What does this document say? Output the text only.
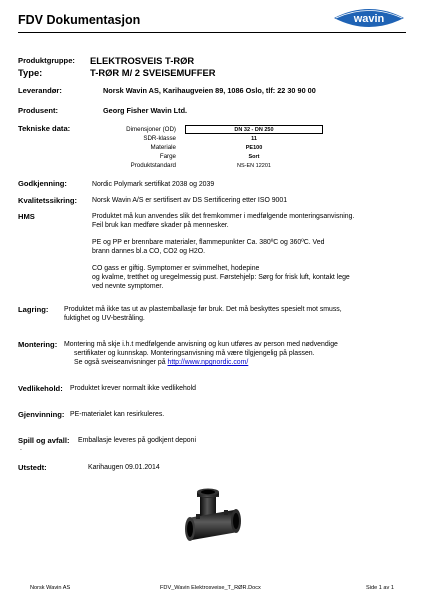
FDV Dokumentasjon	wavin
Produktgruppe: ELEKTROSVEIS T-RØR
Type:	T-RØR M/ 2 SVEISEMUFFER
Leverandør:	Norsk Wavin AS, Karihaugveien 89, 1086 Oslo, tlf: 22 30 90 00
Produsent:	Georg Fisher Wavin Ltd.
Tekniske data:	Dimensjoner (OD)	DN 32 - DN 250
SDR-klasse	11
Materiale	PE100
Farge	Sort
Produktstandard	NS-EN 12201
Godkjenning:	Nordic Polymark sertifikat 2038 og 2039
Kvalitetssikring: Norsk Wavin A/S er sertifisert av DS Sertificering etter ISO 9001
HMS	Produktet må kun anvendes slik det fremkommer i medfølgende monteringsanvisning.
Feil bruk kan medføre skader på mennesker.
PE og PP er brennbare materialer, flammepunkter Ca. 380ºC og 360ºC. Ved
brann dannes bl.a CO, CO2 og H2O.
CO gass er giftig. Symptomer er svimmelhet, hodepine
og kvalme, tretthet og uregelmessig pust. Førstehjelp: Sørg for frisk luft, kontakt lege
ved nevnte symptomer.
Lagring: Produktet må ikke tas ut av plastemballasje før bruk. Det må beskyttes spesielt mot smuss,
fuktighet og UV-bestråling.
Montering: Montering må skje i.h.t medfølgende anvisning og kun utføres av person med nødvendige
sertifikater og kunnskap. Monteringsanvisning må være tilgjengelig på plassen.
Se også sveiseanvisninger på http://www.npgnordic.com/
Vedlikehold: Produktet krever normalt ikke vedlikehold
Gjenvinning: PE-materialet kan resirkuleres.
Spill og avfall: Emballasje leveres på godkjent deponi
.
Utstedt:	Karihaugen 09.01.2014
Norsk Wavin AS	FDV_Wavin Elektrosveise_T_RØR.Docx	Side 1 av 1
